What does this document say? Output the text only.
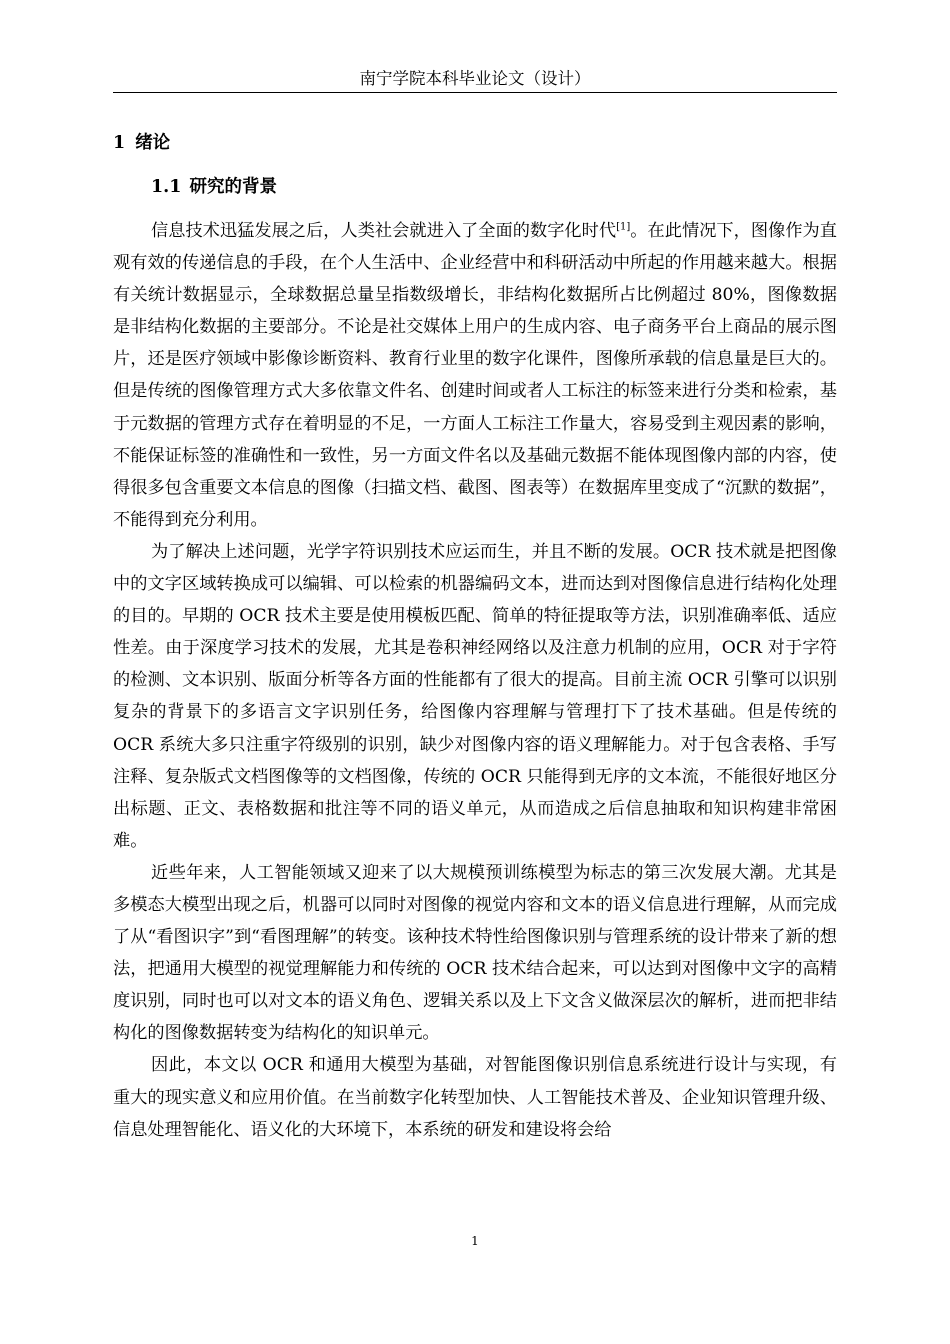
南宁学院本科毕业论文（设计）
1 绪论
1.1 研究的背景

信息技术迅猛发展之后，人类社会就进入了全面的数字化时代[1]。在此情况下，图像作为直观有效的传递信息的手段，在个人生活中、企业经营中和科研活动中所起的作用越来越大。根据有关统计数据显示，全球数据总量呈指数级增长，非结构化数据所占比例超过 80%，图像数据是非结构化数据的主要部分。不论是社交媒体上用户的生成内容、电子商务平台上商品的展示图片，还是医疗领域中影像诊断资料、教育行业里的数字化课件，图像所承载的信息量是巨大的。但是传统的图像管理方式大多依靠文件名、创建时间或者人工标注的标签来进行分类和检索，基于元数据的管理方式存在着明显的不足，一方面人工标注工作量大，容易受到主观因素的影响，不能保证标签的准确性和一致性，另一方面文件名以及基础元数据不能体现图像内部的内容，使得很多包含重要文本信息的图像（扫描文档、截图、图表等）在数据库里变成了“沉默的数据”，不能得到充分利用。

为了解决上述问题，光学字符识别技术应运而生，并且不断的发展。OCR 技术就是把图像中的文字区域转换成可以编辑、可以检索的机器编码文本，进而达到对图像信息进行结构化处理的目的。早期的 OCR 技术主要是使用模板匹配、简单的特征提取等方法，识别准确率低、适应性差。由于深度学习技术的发展，尤其是卷积神经网络以及注意力机制的应用，OCR 对于字符的检测、文本识别、版面分析等各方面的性能都有了很大的提高。目前主流 OCR 引擎可以识别复杂的背景下的多语言文字识别任务，给图像内容理解与管理打下了技术基础。但是传统的 OCR 系统大多只注重字符级别的识别，缺少对图像内容的语义理解能力。对于包含表格、手写注释、复杂版式文档图像等的文档图像，传统的 OCR 只能得到无序的文本流，不能很好地区分出标题、正文、表格数据和批注等不同的语义单元，从而造成之后信息抽取和知识构建非常困难。

近些年来，人工智能领域又迎来了以大规模预训练模型为标志的第三次发展大潮。尤其是多模态大模型出现之后，机器可以同时对图像的视觉内容和文本的语义信息进行理解，从而完成了从“看图识字”到“看图理解”的转变。该种技术特性给图像识别与管理系统的设计带来了新的想法，把通用大模型的视觉理解能力和传统的 OCR 技术结合起来，可以达到对图像中文字的高精度识别，同时也可以对文本的语义角色、逻辑关系以及上下文含义做深层次的解析，进而把非结构化的图像数据转变为结构化的知识单元。

因此，本文以 OCR 和通用大模型为基础，对智能图像识别信息系统进行设计与实现，有重大的现实意义和应用价值。在当前数字化转型加快、人工智能技术普及、企业知识管理升级、信息处理智能化、语义化的大环境下，本系统的研发和建设将会给

1
